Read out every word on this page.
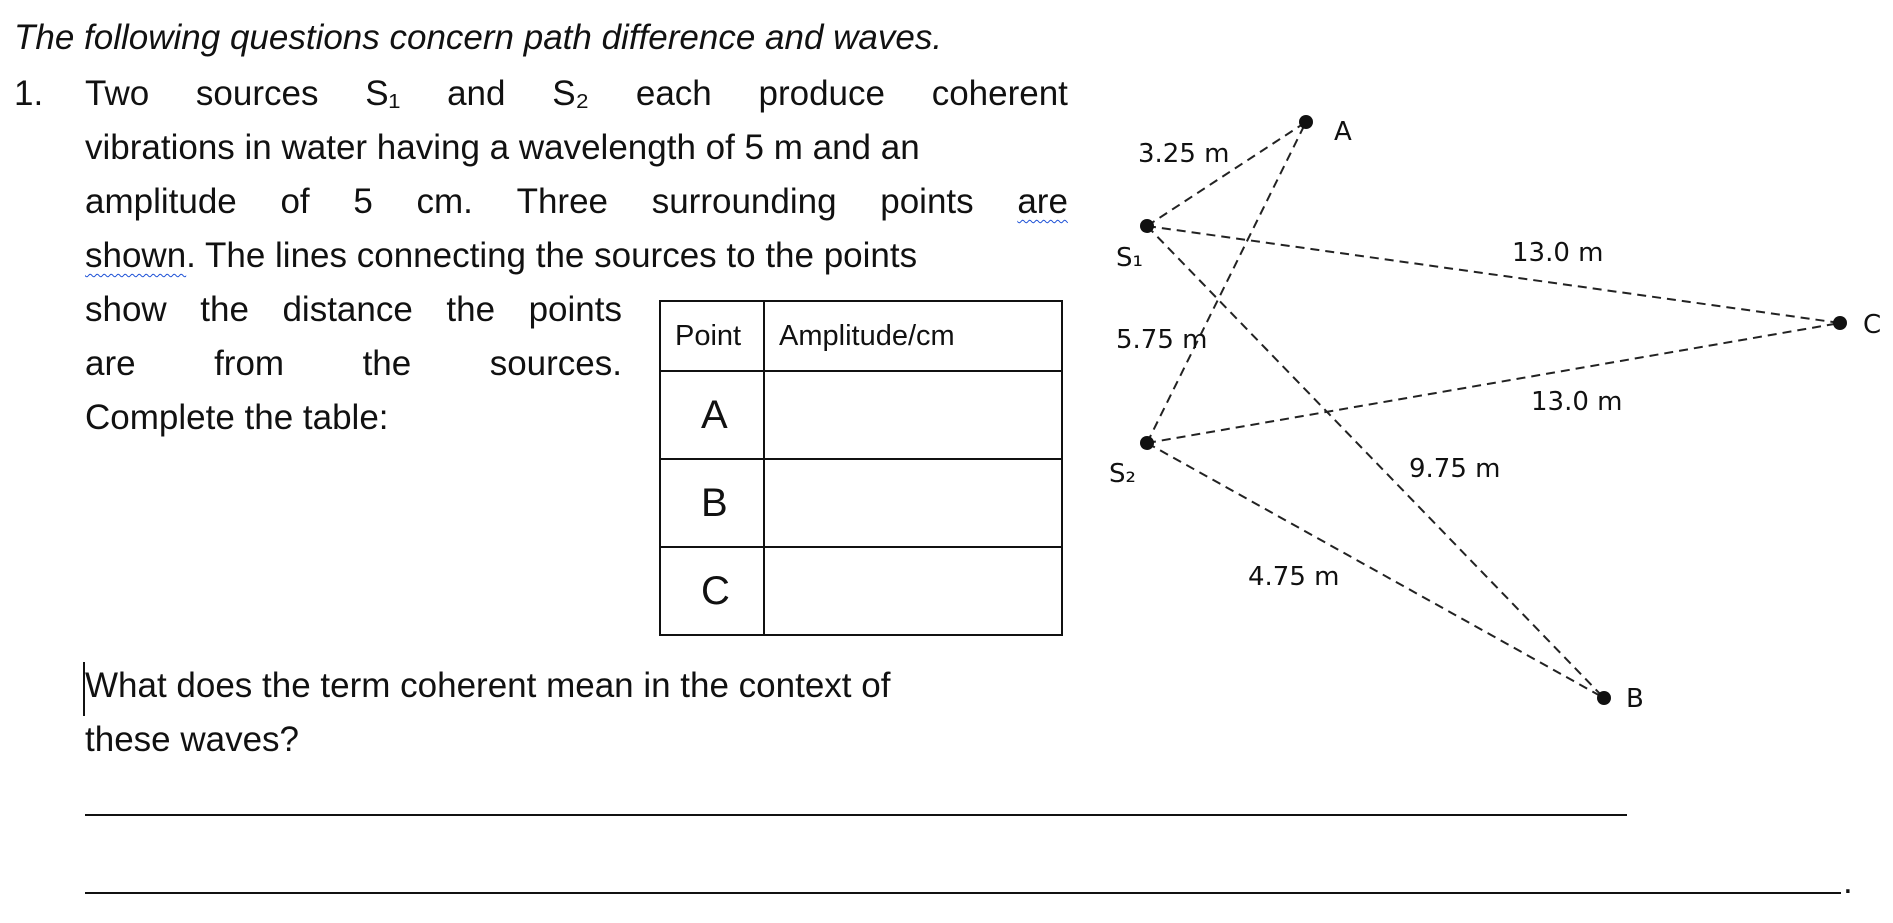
The following questions concern path difference and waves.
1. Two sources S₁ and S₂ each produce coherent
vibrations in water having a wavelength of 5 m and an
amplitude of 5 cm. Three surrounding points are
shown. The lines connecting the sources to the points
show the distance the points
are from the sources.
Complete the table:
Point	Amplitude/cm
A	
B	
C	
What does the term coherent mean in the context of
these waves?
.
S₁
S₂
A
B
C
3.25 m
13.0 m
5.75 m
13.0 m
9.75 m
4.75 m
